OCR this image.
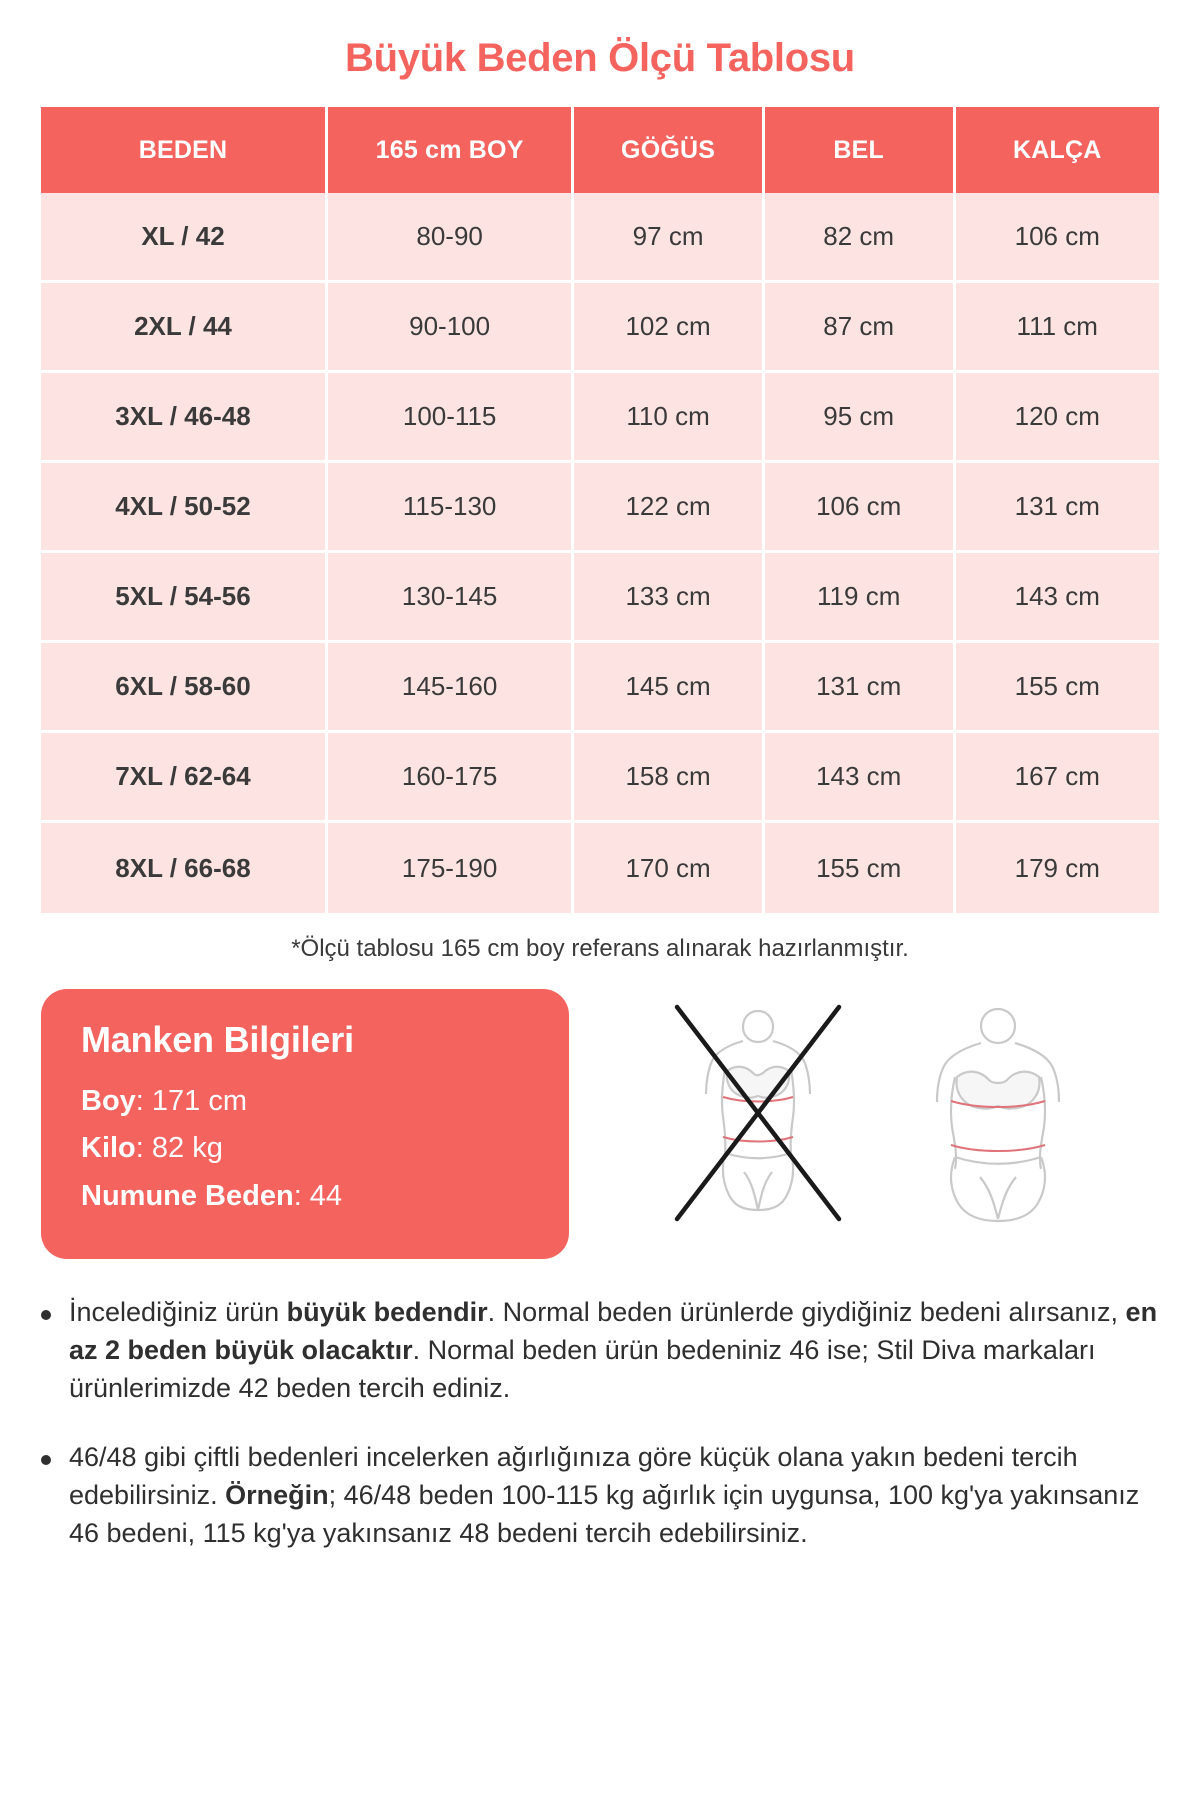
Büyük Beden Ölçü Tablosu
BEDEN	165 cm BOY	GÖĞÜS	BEL	KALÇA
XL / 42	80-90	97 cm	82 cm	106 cm
2XL / 44	90-100	102 cm	87 cm	111 cm
3XL / 46-48	100-115	110 cm	95 cm	120 cm
4XL / 50-52	115-130	122 cm	106 cm	131 cm
5XL / 54-56	130-145	133 cm	119 cm	143 cm
6XL / 58-60	145-160	145 cm	131 cm	155 cm
7XL / 62-64	160-175	158 cm	143 cm	167 cm
8XL / 66-68	175-190	170 cm	155 cm	179 cm
*Ölçü tablosu 165 cm boy referans alınarak hazırlanmıştır.
Manken Bilgileri
Boy: 171 cm
Kilo: 82 kg
Numune Beden: 44

İncelediğiniz ürün büyük bedendir. Normal beden ürünlerde giydiğiniz bedeni alırsanız, en az 2 beden büyük olacaktır. Normal beden ürün bedeniniz 46 ise; Stil Diva markaları ürünlerimizde 42 beden tercih ediniz.

46/48 gibi çiftli bedenleri incelerken ağırlığınıza göre küçük olana yakın bedeni tercih edebilirsiniz. Örneğin; 46/48 beden 100-115 kg ağırlık için uygunsa, 100 kg'ya yakınsanız 46 bedeni, 115 kg'ya yakınsanız 48 bedeni tercih edebilirsiniz.
